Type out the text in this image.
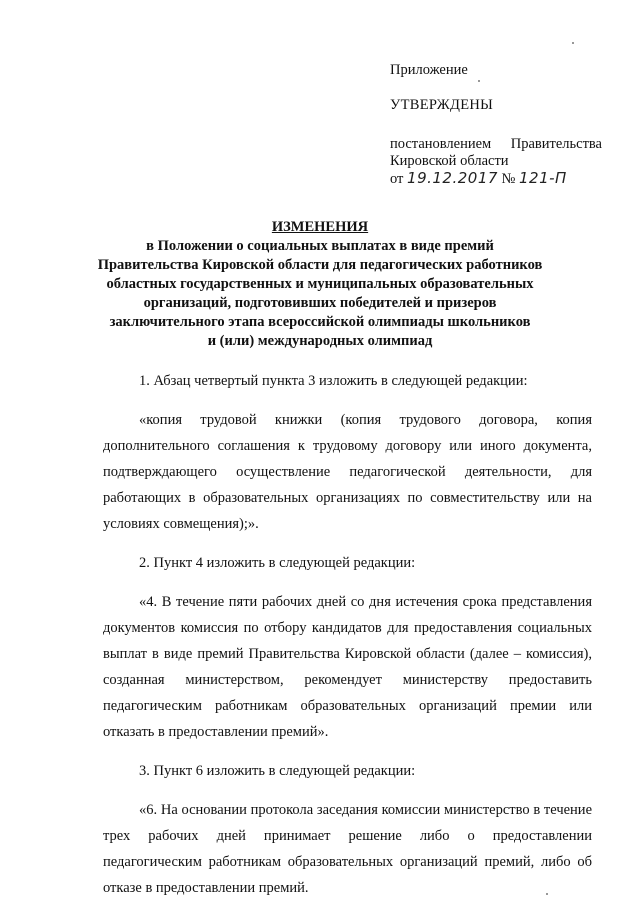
Приложение
УТВЕРЖДЕНЫ
постановлением Правительства
Кировской области
от 19.12.2017 № 121-П
ИЗМЕНЕНИЯ
в Положении о социальных выплатах в виде премий
Правительства Кировской области для педагогических работников
областных государственных и муниципальных образовательных
организаций, подготовивших победителей и призеров
заключительного этапа всероссийской олимпиады школьников
и (или) международных олимпиад

1. Абзац четвертый пункта 3 изложить в следующей редакции:

«копия трудовой книжки (копия трудового договора, копия дополнительного соглашения к трудовому договору или иного документа, подтверждающего осуществление педагогической деятельности, для работающих в образовательных организациях по совместительству или на условиях совмещения);».

2. Пункт 4 изложить в следующей редакции:

«4. В течение пяти рабочих дней со дня истечения срока представления документов комиссия по отбору кандидатов для предоставления социальных выплат в виде премий Правительства Кировской области (далее – комиссия), созданная министерством, рекомендует министерству предоставить педагогическим работникам образовательных организаций премии или отказать в предоставлении премий».

3. Пункт 6 изложить в следующей редакции:

«6. На основании протокола заседания комиссии министерство в течение трех рабочих дней принимает решение либо о предоставлении педагогическим работникам образовательных организаций премий, либо об отказе в предоставлении премий.
